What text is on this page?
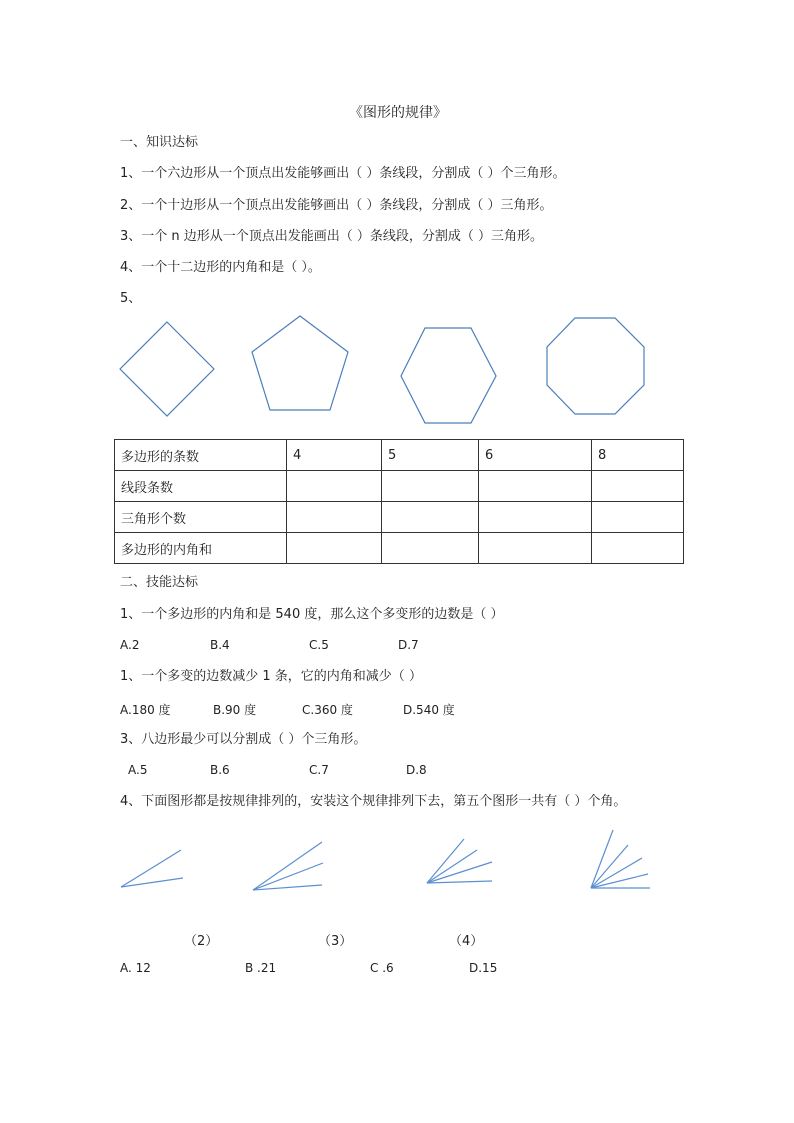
《图形的规律》
一、知识达标
1、一个六边形从一个顶点出发能够画出（ ）条线段，分割成（ ）个三角形。
2、一个十边形从一个顶点出发能够画出（ ）条线段，分割成（ ）三角形。
3、一个 n 边形从一个顶点出发能画出（ ）条线段，分割成（ ）三角形。
4、一个十二边形的内角和是（ ）。
5、
多边形的条数	4	5	6	8
线段条数				
三角形个数				
多边形的内角和				
二、技能达标
1、一个多边形的内角和是 540 度，那么这个多变形的边数是（ ）
A.2	B.4	C.5	D.7
1、一个多变的边数减少 1 条，它的内角和减少（ ）
A.180 度	B.90 度	C.360 度	D.540 度
3、八边形最少可以分割成（ ）个三角形。
A.5	B.6	C.7	D.8
4、下面图形都是按规律排列的，安装这个规律排列下去，第五个图形一共有（ ）个角。
（2）	（3）	（4）
A. 12	B .21	C .6	D.15
